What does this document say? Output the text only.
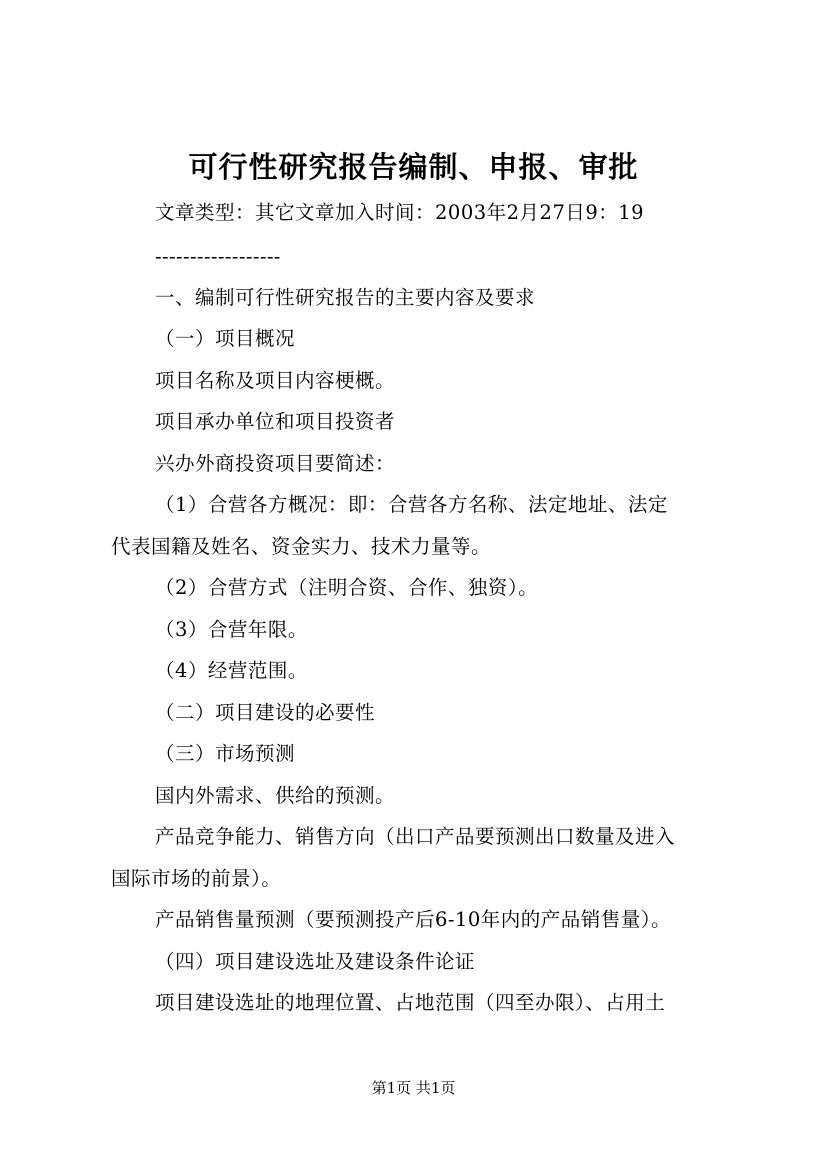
可行性研究报告编制、申报、审批
文章类型：其它文章加入时间：2003年2月27日9：19
------------------
一、编制可行性研究报告的主要内容及要求
（一）项目概况
项目名称及项目内容梗概。
项目承办单位和项目投资者
兴办外商投资项目要简述：
（1）合营各方概况：即：合营各方名称、法定地址、法定
代表国籍及姓名、资金实力、技术力量等。
（2）合营方式（注明合资、合作、独资）。
（3）合营年限。
（4）经营范围。
（二）项目建设的必要性
（三）市场预测
国内外需求、供给的预测。
产品竞争能力、销售方向（出口产品要预测出口数量及进入
国际市场的前景）。
产品销售量预测（要预测投产后6-10年内的产品销售量）。
（四）项目建设选址及建设条件论证
项目建设选址的地理位置、占地范围（四至办限）、占用土
第1页 共1页
